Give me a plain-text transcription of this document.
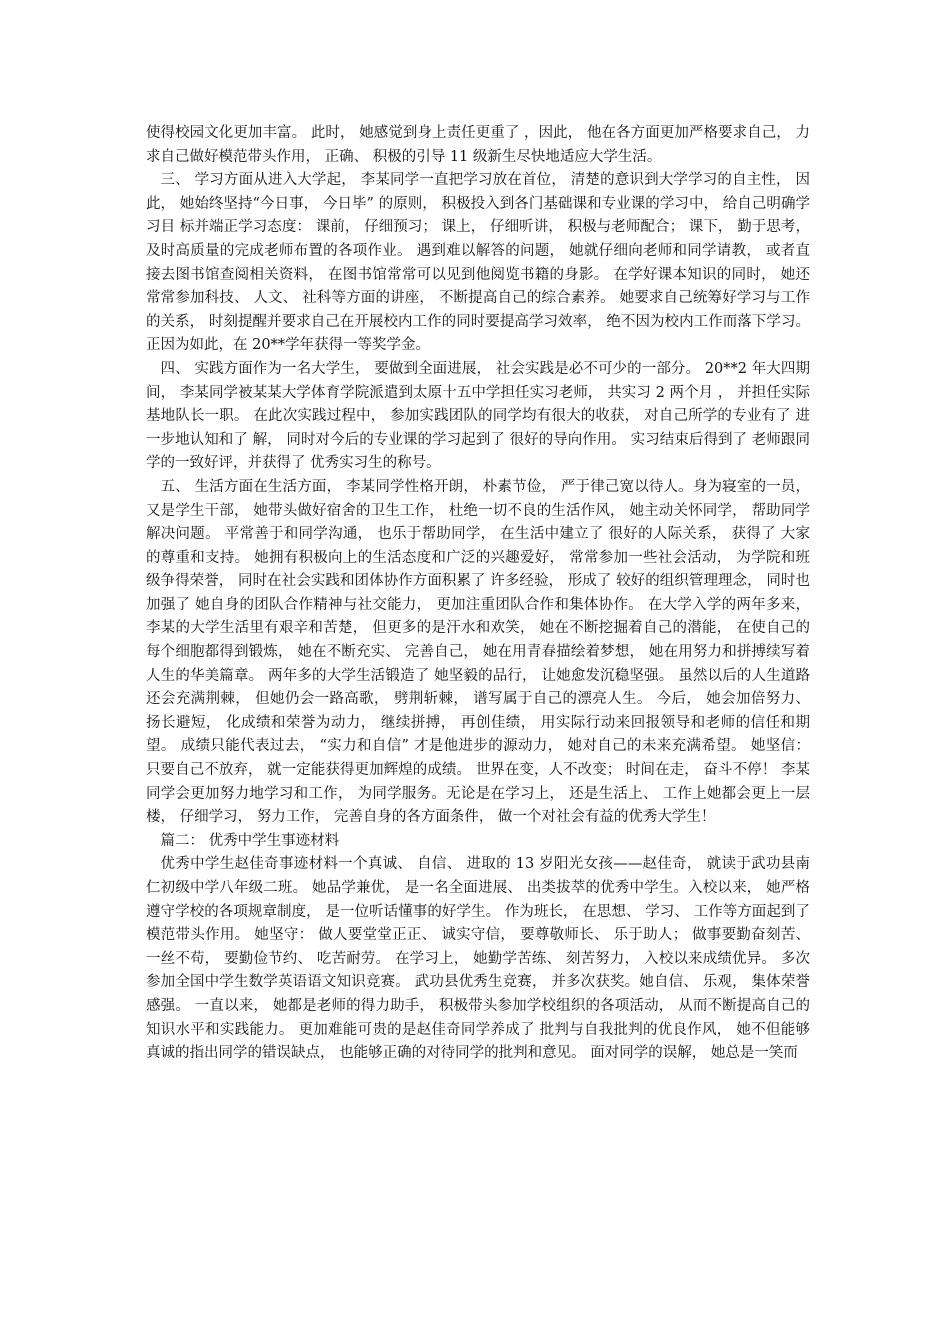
使得校园文化更加丰富。 此时， 她感觉到身上责任更重了 ，因此， 他在各方面更加严格要求自己， 力求自己做好模范带头作用， 正确、 积极的引导 11 级新生尽快地适应大学生活。

三、 学习方面从进入大学起， 李某同学一直把学习放在首位， 清楚的意识到大学学习的自主性， 因此， 她始终坚持“今日事， 今日毕” 的原则， 积极投入到各门基础课和专业课的学习中， 给自己明确学习目 标并端正学习态度： 课前， 仔细预习； 课上， 仔细听讲， 积极与老师配合； 课下， 勤于思考， 及时高质量的完成老师布置的各项作业。 遇到难以解答的问题， 她就仔细向老师和同学请教， 或者直接去图书馆查阅相关资料， 在图书馆常常可以见到他阅览书籍的身影。 在学好课本知识的同时， 她还常常参加科技、 人文、 社科等方面的讲座， 不断提高自己的综合素养。 她要求自己统筹好学习与工作的关系， 时刻提醒并要求自己在开展校内工作的同时要提高学习效率， 绝不因为校内工作而落下学习。 正因为如此，在 20**学年获得一等奖学金。

四、 实践方面作为一名大学生， 要做到全面进展， 社会实践是必不可少的一部分。 20**2 年大四期间， 李某同学被某某大学体育学院派遣到太原十五中学担任实习老师， 共实习 2 两个月 ， 并担任实际基地队长一职。 在此次实践过程中， 参加实践团队的同学均有很大的收获， 对自己所学的专业有了 进一步地认知和了 解， 同时对今后的专业课的学习起到了 很好的导向作用。 实习结束后得到了 老师跟同学的一致好评，并获得了 优秀实习生的称号。

五、 生活方面在生活方面， 李某同学性格开朗， 朴素节俭， 严于律己宽以待人。身为寝室的一员， 又是学生干部， 她带头做好宿舍的卫生工作， 杜绝一切不良的生活作风， 她主动关怀同学， 帮助同学解决问题。 平常善于和同学沟通， 也乐于帮助同学， 在生活中建立了 很好的人际关系， 获得了 大家的尊重和支持。 她拥有积极向上的生活态度和广泛的兴趣爱好， 常常参加一些社会活动， 为学院和班级争得荣誉， 同时在社会实践和团体协作方面积累了 许多经验， 形成了 较好的组织管理理念， 同时也加强了 她自身的团队合作精神与社交能力， 更加注重团队合作和集体协作。 在大学入学的两年多来， 李某的大学生活里有艰辛和苦楚， 但更多的是汗水和欢笑， 她在不断挖掘着自己的潜能， 在使自己的每个细胞都得到锻炼， 她在不断充实、 完善自己， 她在用青春描绘着梦想， 她在用努力和拼搏续写着人生的华美篇章。 两年多的大学生活锻造了 她坚毅的品行， 让她愈发沉稳坚强。 虽然以后的人生道路还会充满荆棘， 但她仍会一路高歌， 劈荆斩棘， 谱写属于自己的漂亮人生。 今后， 她会加倍努力、 扬长避短， 化成绩和荣誉为动力， 继续拼搏， 再创佳绩， 用实际行动来回报领导和老师的信任和期望。 成绩只能代表过去， “实力和自信” 才是他进步的源动力， 她对自己的未来充满希望。 她坚信： 只要自己不放弃， 就一定能获得更加辉煌的成绩。 世界在变，人不改变； 时间在走， 奋斗不停！ 李某同学会更加努力地学习和工作， 为同学服务。无论是在学习上， 还是生活上、 工作上她都会更上一层楼， 仔细学习， 努力工作， 完善自身的各方面条件， 做一个对社会有益的优秀大学生！

篇二： 优秀中学生事迹材料

优秀中学生赵佳奇事迹材料一个真诚、 自信、 进取的 13 岁阳光女孩——赵佳奇， 就读于武功县南仁初级中学八年级二班。 她品学兼优， 是一名全面进展、 出类拔萃的优秀中学生。入校以来， 她严格遵守学校的各项规章制度， 是一位听话懂事的好学生。 作为班长， 在思想、 学习、 工作等方面起到了 模范带头作用。 她坚守： 做人要堂堂正正、 诚实守信， 要尊敬师长、 乐于助人； 做事要勤奋刻苦、 一丝不苟， 要勤俭节约、 吃苦耐劳。 在学习上， 她勤学苦练、 刻苦努力， 入校以来成绩优异。 多次参加全国中学生数学英语语文知识竞赛。 武功县优秀生竞赛， 并多次获奖。她自信、 乐观， 集体荣誉感强。 一直以来， 她都是老师的得力助手， 积极带头参加学校组织的各项活动， 从而不断提高自己的知识水平和实践能力。 更加难能可贵的是赵佳奇同学养成了 批判与自我批判的优良作风， 她不但能够真诚的指出同学的错误缺点， 也能够正确的对待同学的批判和意见。 面对同学的误解， 她总是一笑而
